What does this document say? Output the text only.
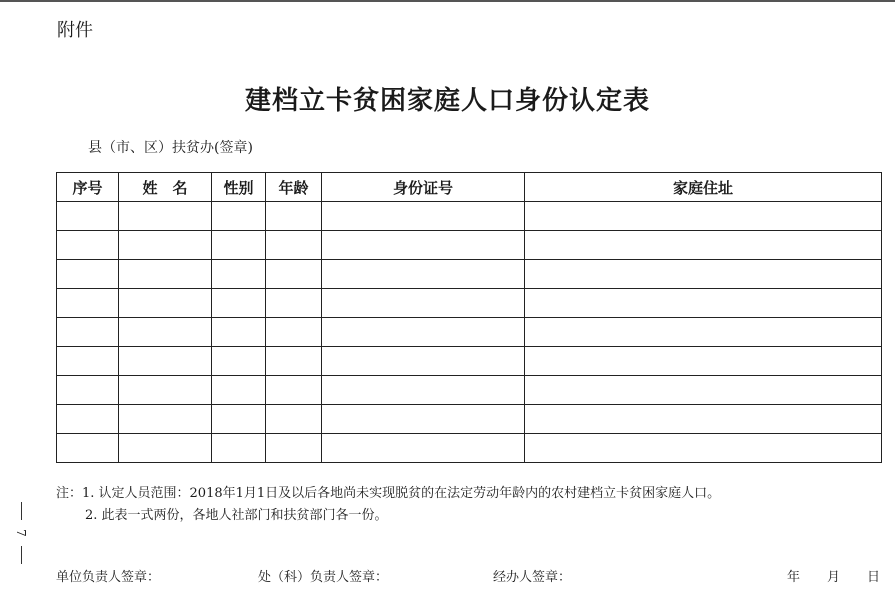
附件
建档立卡贫困家庭人口身份认定表
县（市、区）扶贫办(签章)
序号	姓　名	性别	年龄	身份证号	家庭住址

注：1. 认定人员范围：2018年1月1日及以后各地尚未实现脱贫的在法定劳动年龄内的农村建档立卡贫困家庭人口。
2. 此表一式两份，各地人社部门和扶贫部门各一份。
7
单位负责人签章：	处（科）负责人签章：	经办人签章：	年 月 日
